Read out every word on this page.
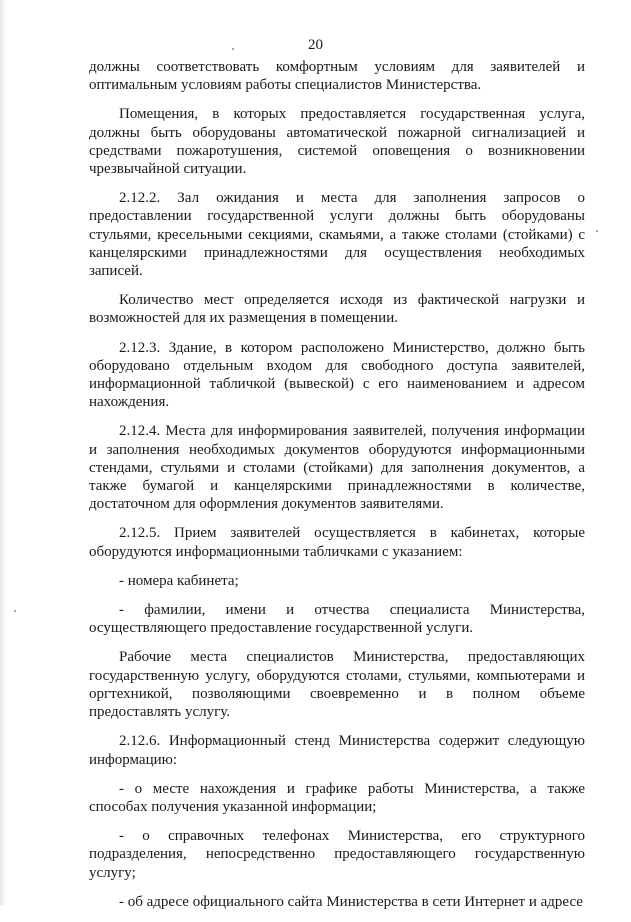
20

должны соответствовать комфортным условиям для заявителей и оптимальным условиям работы специалистов Министерства.

Помещения, в которых предоставляется государственная услуга, должны быть оборудованы автоматической пожарной сигнализацией и средствами пожаротушения, системой оповещения о возникновении чрезвычайной ситуации.

2.12.2. Зал ожидания и места для заполнения запросов о предоставлении государственной услуги должны быть оборудованы стульями, кресельными секциями, скамьями, а также столами (стойками) с канцелярскими принадлежностями для осуществления необходимых записей.

Количество мест определяется исходя из фактической нагрузки и возможностей для их размещения в помещении.

2.12.3. Здание, в котором расположено Министерство, должно быть оборудовано отдельным входом для свободного доступа заявителей, информационной табличкой (вывеской) с его наименованием и адресом нахождения.

2.12.4. Места для информирования заявителей, получения информации и заполнения необходимых документов оборудуются информационными стендами, стульями и столами (стойками) для заполнения документов, а также бумагой и канцелярскими принадлежностями в количестве, достаточном для оформления документов заявителями.

2.12.5. Прием заявителей осуществляется в кабинетах, которые оборудуются информационными табличками с указанием:

- номера кабинета;

- фамилии, имени и отчества специалиста Министерства, осуществляющего предоставление государственной услуги.

Рабочие места специалистов Министерства, предоставляющих государственную услугу, оборудуются столами, стульями, компьютерами и оргтехникой, позволяющими своевременно и в полном объеме предоставлять услугу.

2.12.6. Информационный стенд Министерства содержит следующую информацию:

- о месте нахождения и графике работы Министерства, а также способах получения указанной информации;

- о справочных телефонах Министерства, его структурного подразделения, непосредственно предоставляющего государственную услугу;

- об адресе официального сайта Министерства в сети Интернет и адресе
